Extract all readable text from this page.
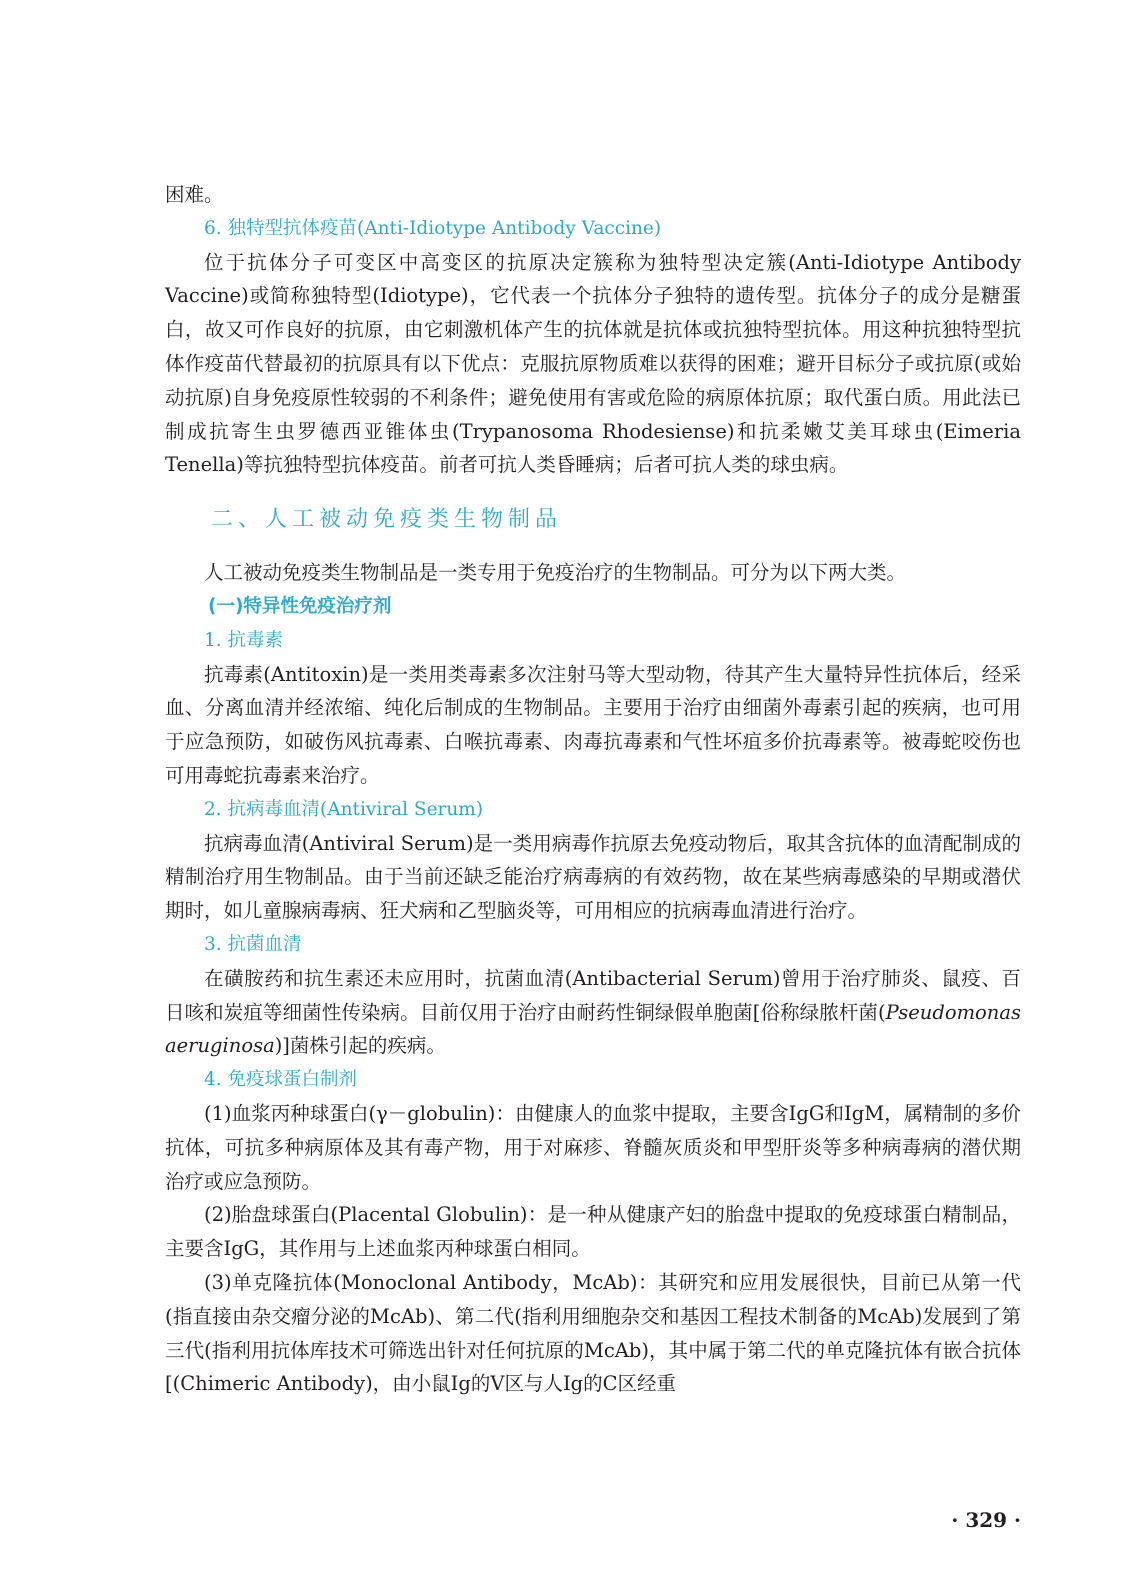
困难。

6. 独特型抗体疫苗(Anti-Idiotype Antibody Vaccine)

位于抗体分子可变区中高变区的抗原决定簇称为独特型决定簇(Anti-Idiotype Antibody Vaccine)或简称独特型(Idiotype)，它代表一个抗体分子独特的遗传型。抗体分子的成分是糖蛋白，故又可作良好的抗原，由它刺激机体产生的抗体就是抗体或抗独特型抗体。用这种抗独特型抗体作疫苗代替最初的抗原具有以下优点：克服抗原物质难以获得的困难；避开目标分子或抗原(或始动抗原)自身免疫原性较弱的不利条件；避免使用有害或危险的病原体抗原；取代蛋白质。用此法已制成抗寄生虫罗德西亚锥体虫(Trypanosoma Rhodesiense)和抗柔嫩艾美耳球虫(Eimeria Tenella)等抗独特型抗体疫苗。前者可抗人类昏睡病；后者可抗人类的球虫病。

二、人工被动免疫类生物制品

人工被动免疫类生物制品是一类专用于免疫治疗的生物制品。可分为以下两大类。

(一)特异性免疫治疗剂

1. 抗毒素

抗毒素(Antitoxin)是一类用类毒素多次注射马等大型动物，待其产生大量特异性抗体后，经采血、分离血清并经浓缩、纯化后制成的生物制品。主要用于治疗由细菌外毒素引起的疾病，也可用于应急预防，如破伤风抗毒素、白喉抗毒素、肉毒抗毒素和气性坏疽多价抗毒素等。被毒蛇咬伤也可用毒蛇抗毒素来治疗。

2. 抗病毒血清(Antiviral Serum)

抗病毒血清(Antiviral Serum)是一类用病毒作抗原去免疫动物后，取其含抗体的血清配制成的精制治疗用生物制品。由于当前还缺乏能治疗病毒病的有效药物，故在某些病毒感染的早期或潜伏期时，如儿童腺病毒病、狂犬病和乙型脑炎等，可用相应的抗病毒血清进行治疗。

3. 抗菌血清

在磺胺药和抗生素还未应用时，抗菌血清(Antibacterial Serum)曾用于治疗肺炎、鼠疫、百日咳和炭疽等细菌性传染病。目前仅用于治疗由耐药性铜绿假单胞菌[俗称绿脓杆菌(Pseudomonas aeruginosa)]菌株引起的疾病。

4. 免疫球蛋白制剂

(1)血浆丙种球蛋白(γ－globulin)：由健康人的血浆中提取，主要含IgG和IgM，属精制的多价抗体，可抗多种病原体及其有毒产物，用于对麻疹、脊髓灰质炎和甲型肝炎等多种病毒病的潜伏期治疗或应急预防。

(2)胎盘球蛋白(Placental Globulin)：是一种从健康产妇的胎盘中提取的免疫球蛋白精制品，主要含IgG，其作用与上述血浆丙种球蛋白相同。

(3)单克隆抗体(Monoclonal Antibody，McAb)：其研究和应用发展很快，目前已从第一代(指直接由杂交瘤分泌的McAb)、第二代(指利用细胞杂交和基因工程技术制备的McAb)发展到了第三代(指利用抗体库技术可筛选出针对任何抗原的McAb)，其中属于第二代的单克隆抗体有嵌合抗体[(Chimeric Antibody)，由小鼠Ig的V区与人Ig的C区经重

· 329 ·
